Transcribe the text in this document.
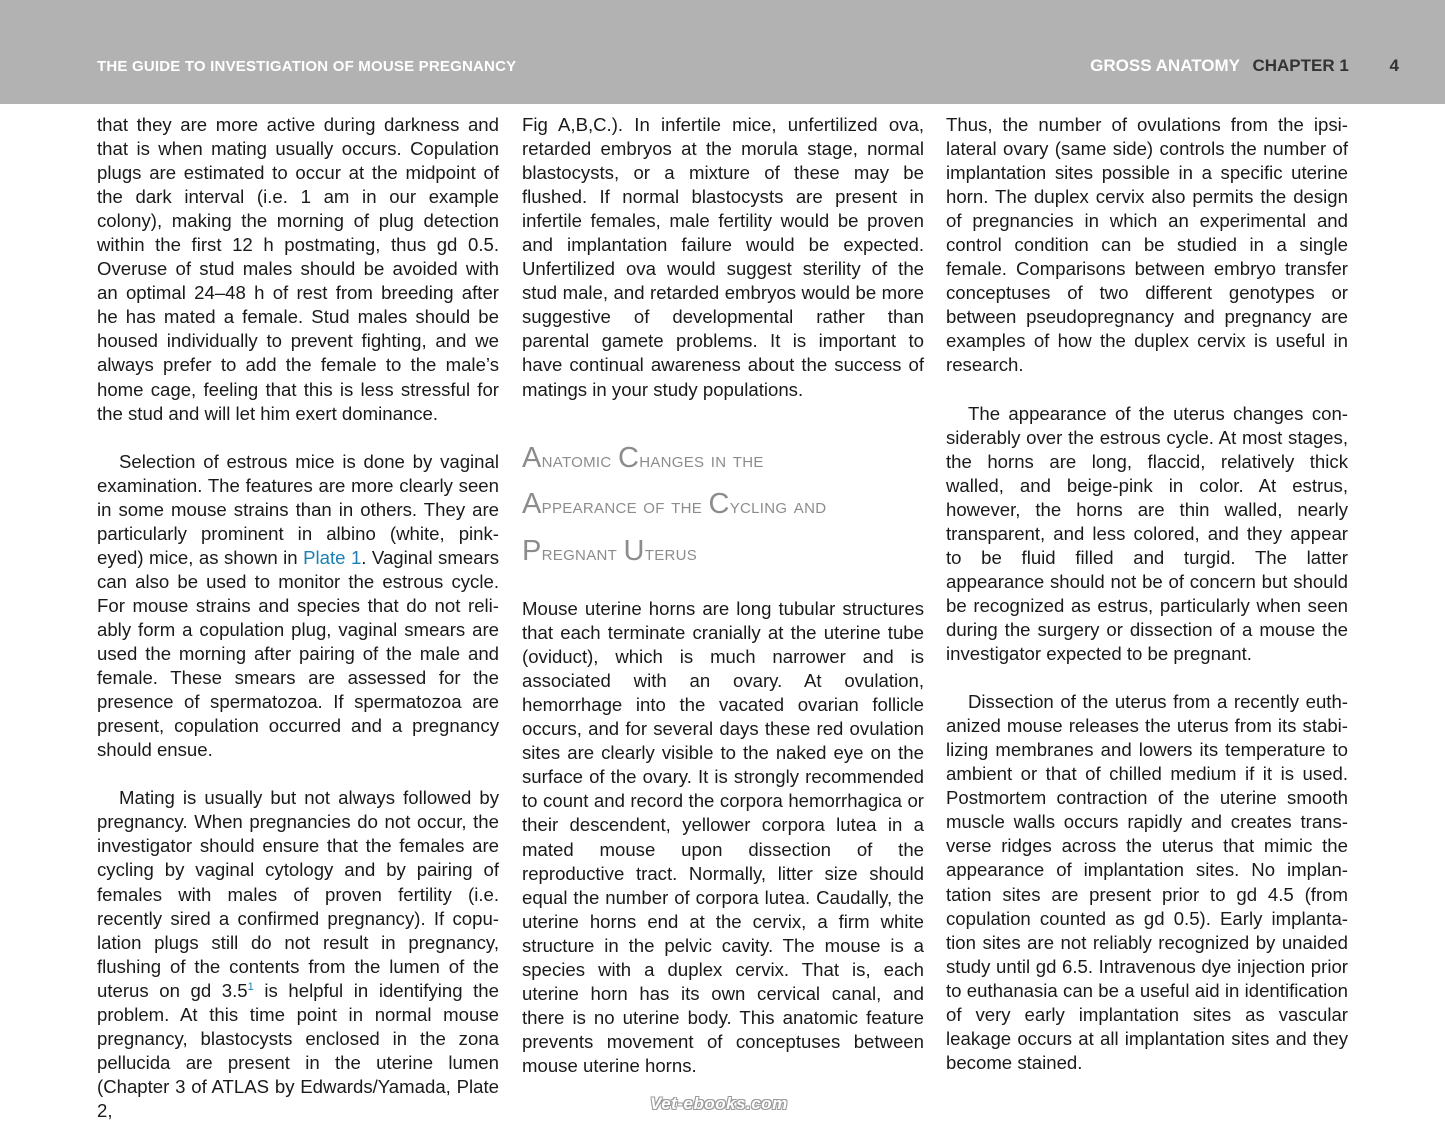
THE GUIDE TO INVESTIGATION OF MOUSE PREGNANCY	GROSS ANATOMY CHAPTER 1 4

that they are more active during darkness and that is when mating usually occurs. Copulation plugs are estimated to occur at the midpoint of the dark interval (i.e. 1 am in our example colony), making the morning of plug detection within the first 12 h postmating, thus gd 0.5. Overuse of stud males should be avoided with an optimal 24–48 h of rest from breeding after he has mated a female. Stud males should be housed individually to prevent fighting, and we always prefer to add the female to the male’s home cage, feeling that this is less stressful for the stud and will let him exert dominance.

Selection of estrous mice is done by vaginal examination. The features are more clearly seen in some mouse strains than in others. They are particularly prominent in albino (white, pink-eyed) mice, as shown in Plate 1. Vaginal smears can also be used to monitor the estrous cycle. For mouse strains and species that do not reliably form a copulation plug, vaginal smears are used the morning after pairing of the male and female. These smears are assessed for the presence of spermatozoa. If spermatozoa are present, copulation occurred and a pregnancy should ensue.

Mating is usually but not always followed by pregnancy. When pregnancies do not occur, the investigator should ensure that the females are cycling by vaginal cytology and by pairing of females with males of proven fertility (i.e. recently sired a confirmed pregnancy). If copulation plugs still do not result in pregnancy, flushing of the contents from the lumen of the uterus on gd $3.5^1$ is helpful in identifying the problem. At this time point in normal mouse pregnancy, blastocysts enclosed in the zona pellucida are present in the uterine lumen (Chapter 3 of ATLAS by Edwards/Yamada, Plate 2,

Fig A,B,C.). In infertile mice, unfertilized ova, retarded embryos at the morula stage, normal blastocysts, or a mixture of these may be flushed. If normal blastocysts are present in infertile females, male fertility would be proven and implantation failure would be expected. Unfertilized ova would suggest sterility of the stud male, and retarded embryos would be more suggestive of developmental rather than parental gamete problems. It is important to have continual awareness about the success of matings in your study populations.

Anatomic Changes in the
Appearance of the Cycling and
Pregnant Uterus

Mouse uterine horns are long tubular structures that each terminate cranially at the uterine tube (oviduct), which is much narrower and is associated with an ovary. At ovulation, hemorrhage into the vacated ovarian follicle occurs, and for several days these red ovulation sites are clearly visible to the naked eye on the surface of the ovary. It is strongly recommended to count and record the corpora hemorrhagica or their descendent, yellower corpora lutea in a mated mouse upon dissection of the reproductive tract. Normally, litter size should equal the number of corpora lutea. Caudally, the uterine horns end at the cervix, a firm white structure in the pelvic cavity. The mouse is a species with a duplex cervix. That is, each uterine horn has its own cervical canal, and there is no uterine body. This anatomic feature prevents movement of conceptuses between mouse uterine horns.

Thus, the number of ovulations from the ipsilateral ovary (same side) controls the number of implantation sites possible in a specific uterine horn. The duplex cervix also permits the design of pregnancies in which an experimental and control condition can be studied in a single female. Comparisons between embryo transfer conceptuses of two different genotypes or between pseudopregnancy and pregnancy are examples of how the duplex cervix is useful in research.

The appearance of the uterus changes considerably over the estrous cycle. At most stages, the horns are long, flaccid, relatively thick walled, and beige-pink in color. At estrus, however, the horns are thin walled, nearly transparent, and less colored, and they appear to be fluid filled and turgid. The latter appearance should not be of concern but should be recognized as estrus, particularly when seen during the surgery or dissection of a mouse the investigator expected to be pregnant.

Dissection of the uterus from a recently euthanized mouse releases the uterus from its stabilizing membranes and lowers its temperature to ambient or that of chilled medium if it is used. Postmortem contraction of the uterine smooth muscle walls occurs rapidly and creates transverse ridges across the uterus that mimic the appearance of implantation sites. No implantation sites are present prior to gd 4.5 (from copulation counted as gd 0.5). Early implantation sites are not reliably recognized by unaided study until gd 6.5. Intravenous dye injection prior to euthanasia can be a useful aid in identification of very early implantation sites as vascular leakage occurs at all implantation sites and they become stained.

Vet-ebooks.com
